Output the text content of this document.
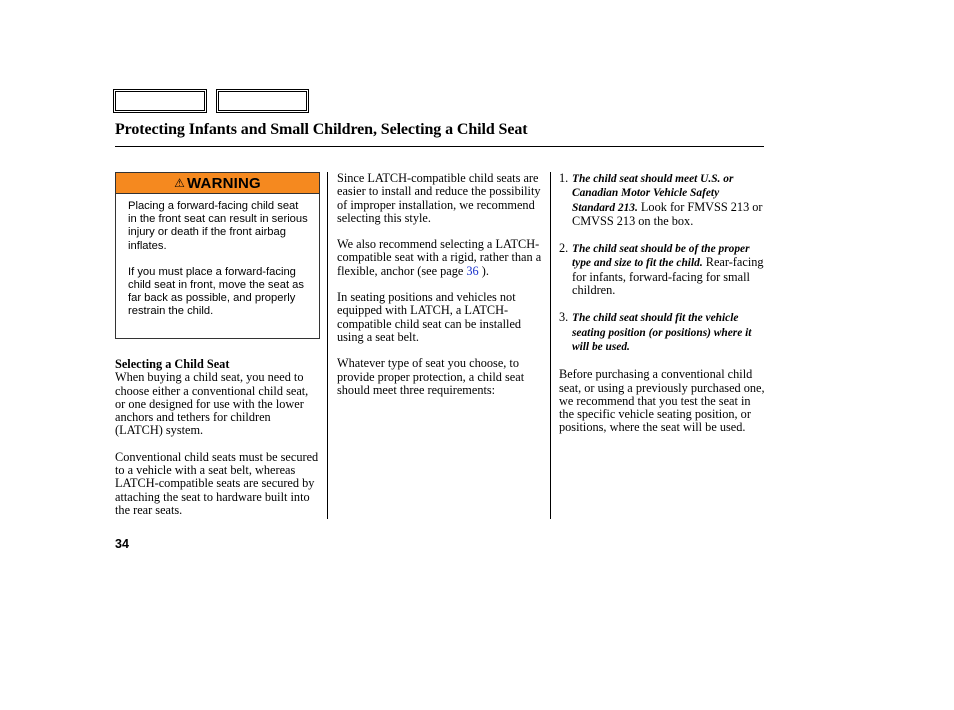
Protecting Infants and Small Children, Selecting a Child Seat
⚠ WARNING

Placing a forward-facing child seat in the front seat can result in serious injury or death if the front airbag inflates.

If you must place a forward-facing child seat in front, move the seat as far back as possible, and properly restrain the child.

Selecting a Child Seat

When buying a child seat, you need to choose either a conventional child seat, or one designed for use with the lower anchors and tethers for children (LATCH) system.

Conventional child seats must be secured to a vehicle with a seat belt, whereas LATCH-compatible seats are secured by attaching the seat to hardware built into the rear seats.

Since LATCH-compatible child seats are easier to install and reduce the possibility of improper installation, we recommend selecting this style.

We also recommend selecting a LATCH-compatible seat with a rigid, rather than a flexible, anchor (see page 36 ).

In seating positions and vehicles not equipped with LATCH, a LATCH-compatible child seat can be installed using a seat belt.

Whatever type of seat you choose, to provide proper protection, a child seat should meet three requirements:

1. The child seat should meet U.S. or Canadian Motor Vehicle Safety Standard 213. Look for FMVSS 213 or CMVSS 213 on the box.
2. The child seat should be of the proper type and size to fit the child. Rear-facing for infants, forward-facing for small children.
3. The child seat should fit the vehicle seating position (or positions) where it will be used.

Before purchasing a conventional child seat, or using a previously purchased one, we recommend that you test the seat in the specific vehicle seating position, or positions, where the seat will be used.

34
